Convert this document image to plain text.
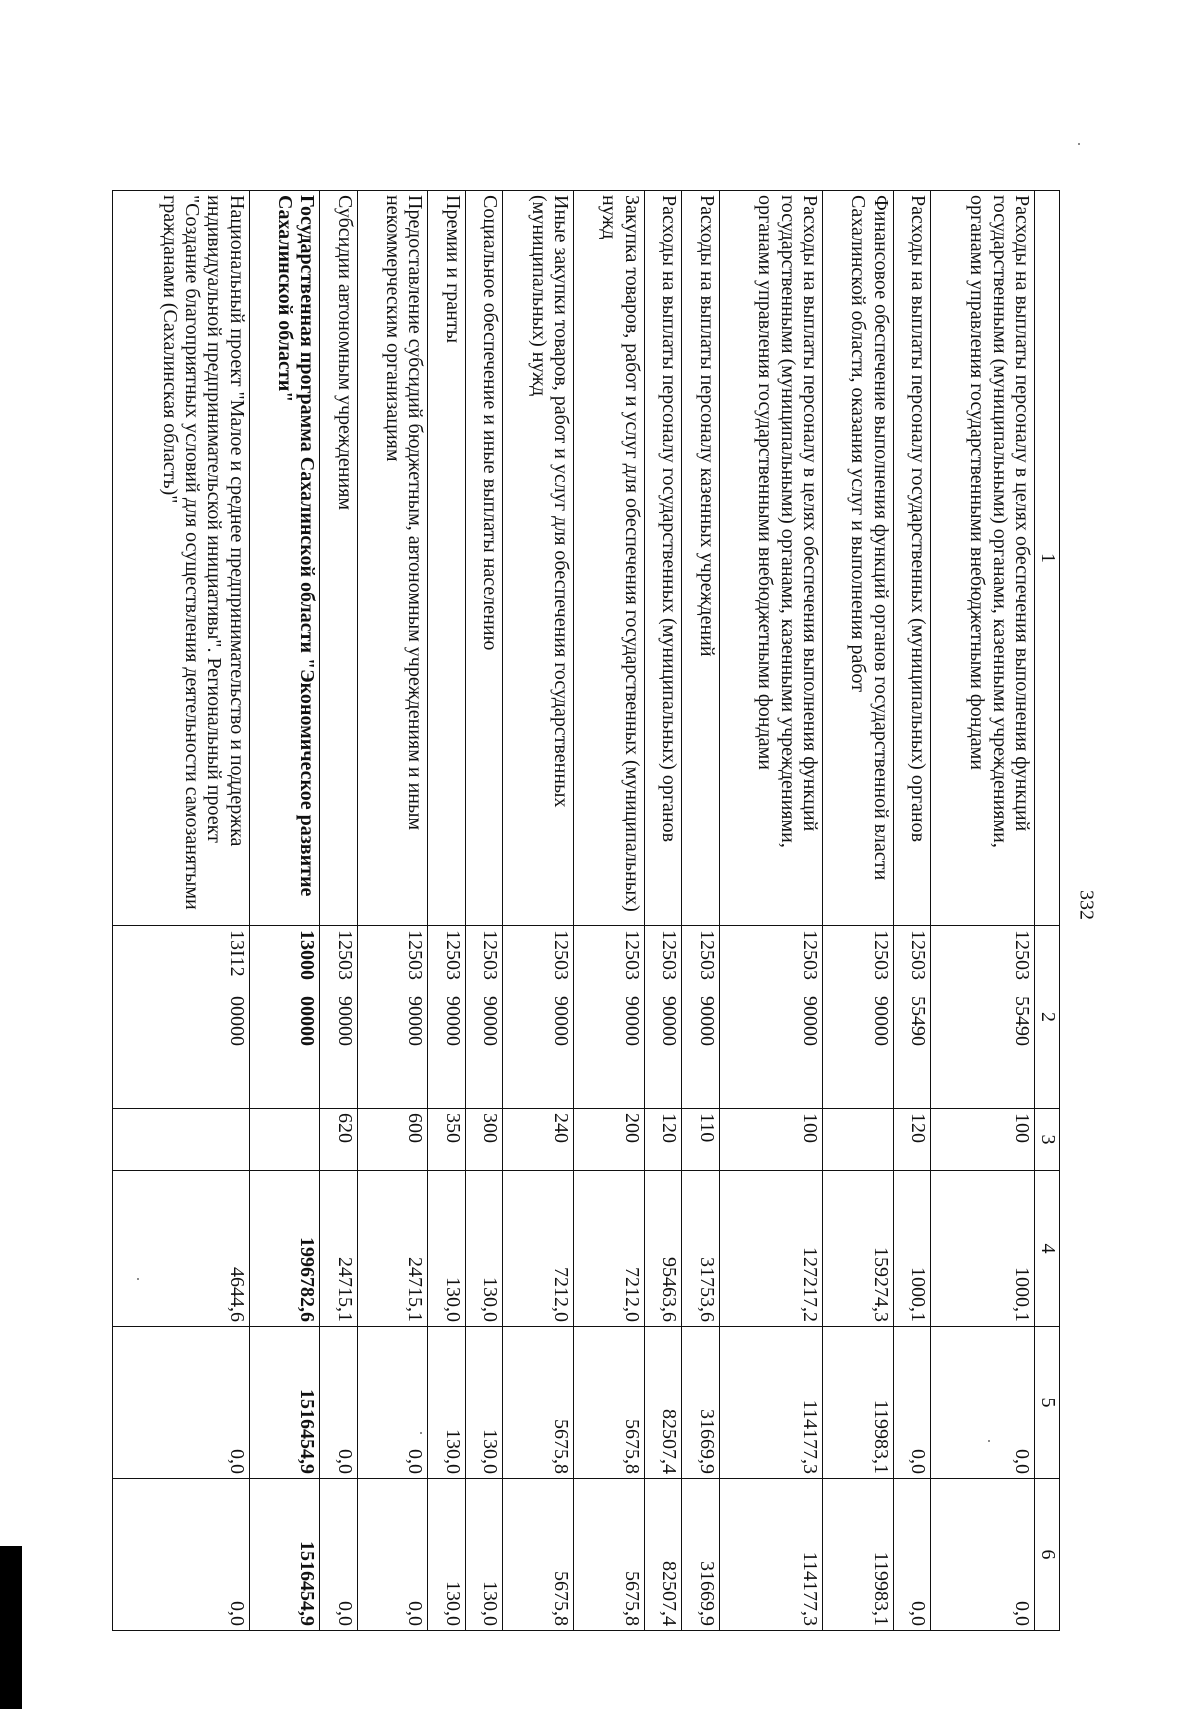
332
1	2	3	4	5	6
Расходы на выплаты персоналу в целях обеспечения выполнения функций государственными (муниципальными) органами, казенными учреждениями, органами управления государственными внебюджетными фондами	1250355490	100	1000,1	0,0	0,0
Расходы на выплаты персоналу государственных (муниципальных) органов	1250355490	120	1000,1	0,0	0,0
Финансовое обеспечение выполнения функций органов государственной власти Сахалинской области, оказания услуг и выполнения работ	1250390000		159274,3	119983,1	119983,1
Расходы на выплаты персоналу в целях обеспечения выполнения функций государственными (муниципальными) органами, казенными учреждениями, органами управления государственными внебюджетными фондами	1250390000	100	127217,2	114177,3	114177,3
Расходы на выплаты персоналу казенных учреждений	1250390000	110	31753,6	31669,9	31669,9
Расходы на выплаты персоналу государственных (муниципальных) органов	1250390000	120	95463,6	82507,4	82507,4
Закупка товаров, работ и услуг для обеспечения государственных (муниципальных) нужд	1250390000	200	7212,0	5675,8	5675,8
Иные закупки товаров, работ и услуг для обеспечения государственных (муниципальных) нужд	1250390000	240	7212,0	5675,8	5675,8
Социальное обеспечение и иные выплаты населению	1250390000	300	130,0	130,0	130,0
Премии и гранты	1250390000	350	130,0	130,0	130,0
Предоставление субсидий бюджетным, автономным учреждениям и иным некоммерческим организациям	1250390000	600	24715,1	0,0	0,0
Субсидии автономным учреждениям	1250390000	620	24715,1	0,0	0,0
Государственная программа Сахалинской области "Экономическое развитие Сахалинской области"	1300000000		1996782,6	1516454,9	1516454,9
Национальный проект "Малое и среднее предпринимательство и поддержка индивидуальной предпринимательской инициативы". Региональный проект "Создание благоприятных условий для осуществления деятельности самозанятыми гражданами (Сахалинская область)"	13I1200000		4644,6	0,0	0,0
